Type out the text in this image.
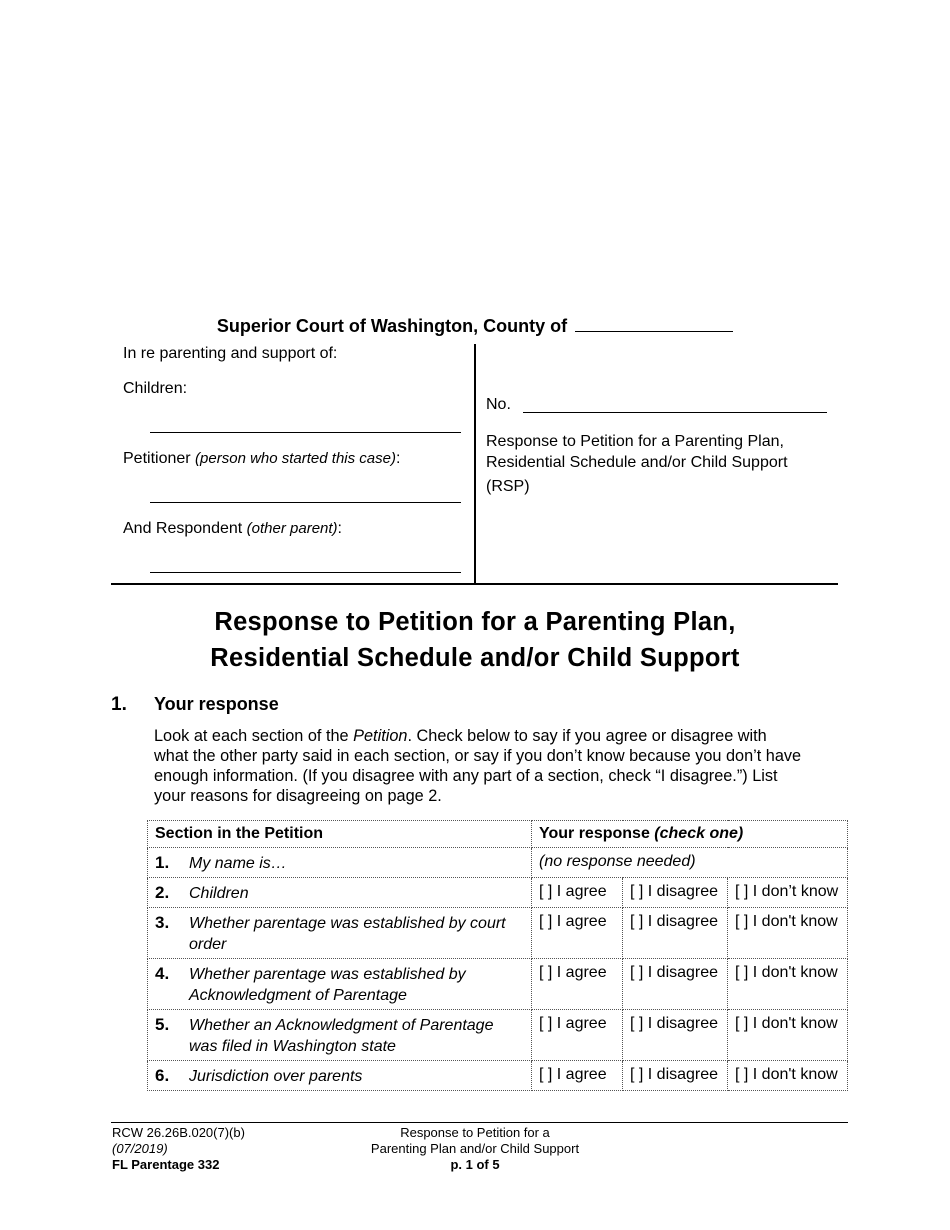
Superior Court of Washington, County of
In re parenting and support of:
Children:
Petitioner (person who started this case):
And Respondent (other parent):
No.
Response to Petition for a Parenting Plan,
Residential Schedule and/or Child Support
(RSP)
Response to Petition for a Parenting Plan,
Residential Schedule and/or Child Support
1. Your response
Look at each section of the Petition. Check below to say if you agree or disagree with
what the other party said in each section, or say if you don’t know because you don’t have
enough information. (If you disagree with any part of a section, check “I disagree.”) List
your reasons for disagreeing on page 2.
Section in the Petition	Your response (check one)		

1. My name is…	(no response needed)		

2. Children	[ ] I agree	[ ] I disagree	[ ] I don’t know

3. Whether parentage was established by court order	[ ] I agree	[ ] I disagree	[ ] I don't know

4. Whether parentage was established by Acknowledgment of Parentage	[ ] I agree	[ ] I disagree	[ ] I don't know

5. Whether an Acknowledgment of Parentage was filed in Washington state	[ ] I agree	[ ] I disagree	[ ] I don't know

6. Jurisdiction over parents	[ ] I agree	[ ] I disagree	[ ] I don't know
RCW 26.26B.020(7)(b)
(07/2019)
FL Parentage 332
Response to Petition for a
Parenting Plan and/or Child Support
p. 1 of 5
